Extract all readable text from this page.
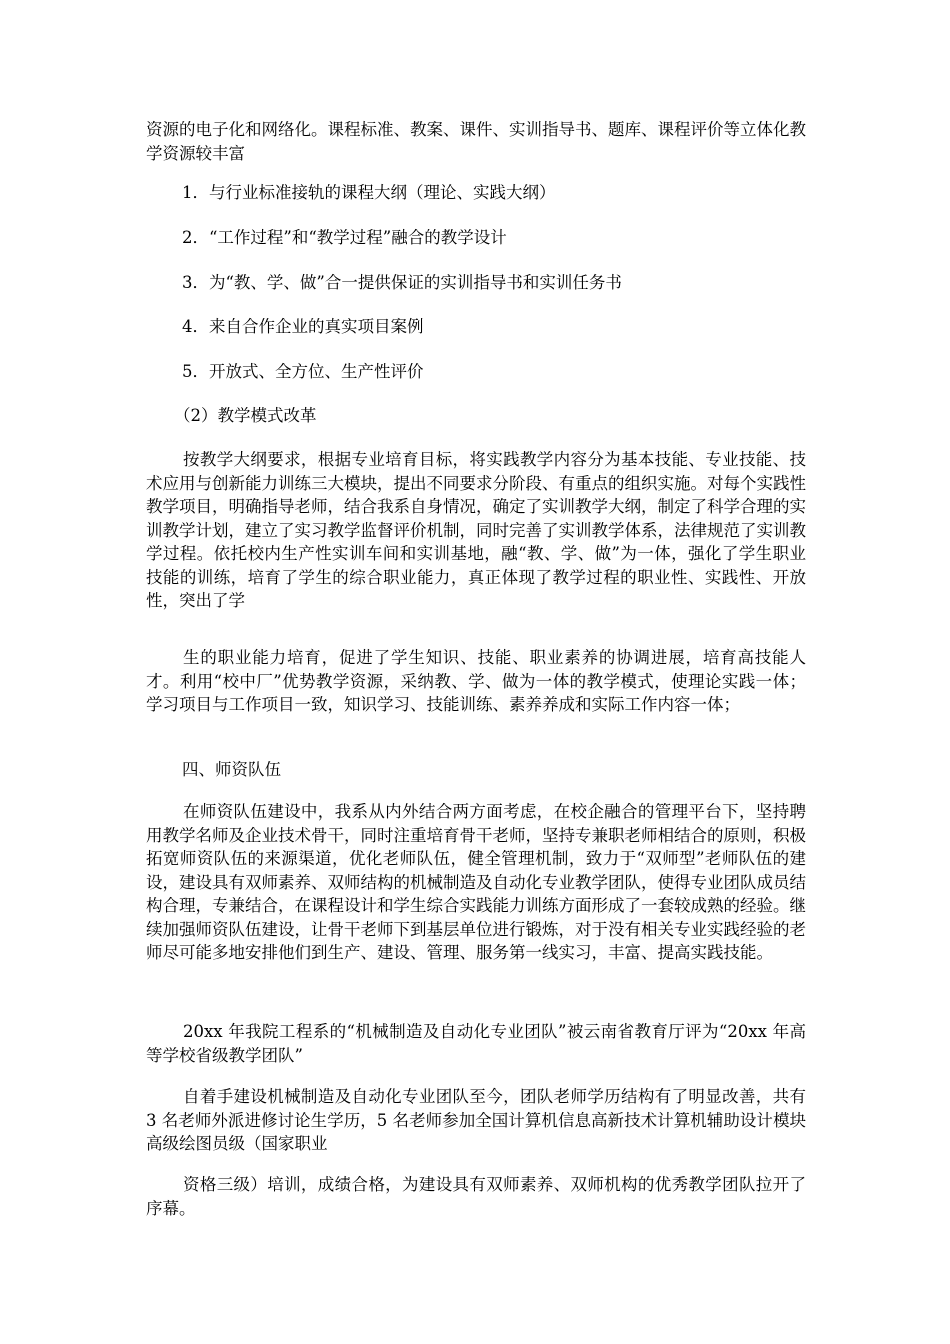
资源的电子化和网络化。课程标准、教案、课件、实训指导书、题库、课程评价等立体化教学资源较丰富

1．与行业标准接轨的课程大纲（理论、实践大纲）

2．“工作过程”和“教学过程”融合的教学设计

3．为“教、学、做”合一提供保证的实训指导书和实训任务书

4．来自合作企业的真实项目案例

5．开放式、全方位、生产性评价

（2）教学模式改革

按教学大纲要求，根据专业培育目标，将实践教学内容分为基本技能、专业技能、技术应用与创新能力训练三大模块，提出不同要求分阶段、有重点的组织实施。对每个实践性教学项目，明确指导老师，结合我系自身情况，确定了实训教学大纲，制定了科学合理的实训教学计划，建立了实习教学监督评价机制，同时完善了实训教学体系，法律规范了实训教学过程。依托校内生产性实训车间和实训基地，融“教、学、做”为一体，强化了学生职业技能的训练，培育了学生的综合职业能力，真正体现了教学过程的职业性、实践性、开放性，突出了学

生的职业能力培育，促进了学生知识、技能、职业素养的协调进展，培育高技能人才。利用“校中厂”优势教学资源，采纳教、学、做为一体的教学模式，使理论实践一体；学习项目与工作项目一致，知识学习、技能训练、素养养成和实际工作内容一体；

四、师资队伍

在师资队伍建设中，我系从内外结合两方面考虑，在校企融合的管理平台下，坚持聘用教学名师及企业技术骨干，同时注重培育骨干老师，坚持专兼职老师相结合的原则，积极拓宽师资队伍的来源渠道，优化老师队伍，健全管理机制，致力于“双师型”老师队伍的建设，建设具有双师素养、双师结构的机械制造及自动化专业教学团队，使得专业团队成员结构合理，专兼结合，在课程设计和学生综合实践能力训练方面形成了一套较成熟的经验。继续加强师资队伍建设，让骨干老师下到基层单位进行锻炼，对于没有相关专业实践经验的老师尽可能多地安排他们到生产、建设、管理、服务第一线实习，丰富、提高实践技能。

20xx 年我院工程系的“机械制造及自动化专业团队”被云南省教育厅评为“20xx 年高等学校省级教学团队”

自着手建设机械制造及自动化专业团队至今，团队老师学历结构有了明显改善，共有 3 名老师外派进修讨论生学历，5 名老师参加全国计算机信息高新技术计算机辅助设计模块高级绘图员级（国家职业

资格三级）培训，成绩合格，为建设具有双师素养、双师机构的优秀教学团队拉开了序幕。
